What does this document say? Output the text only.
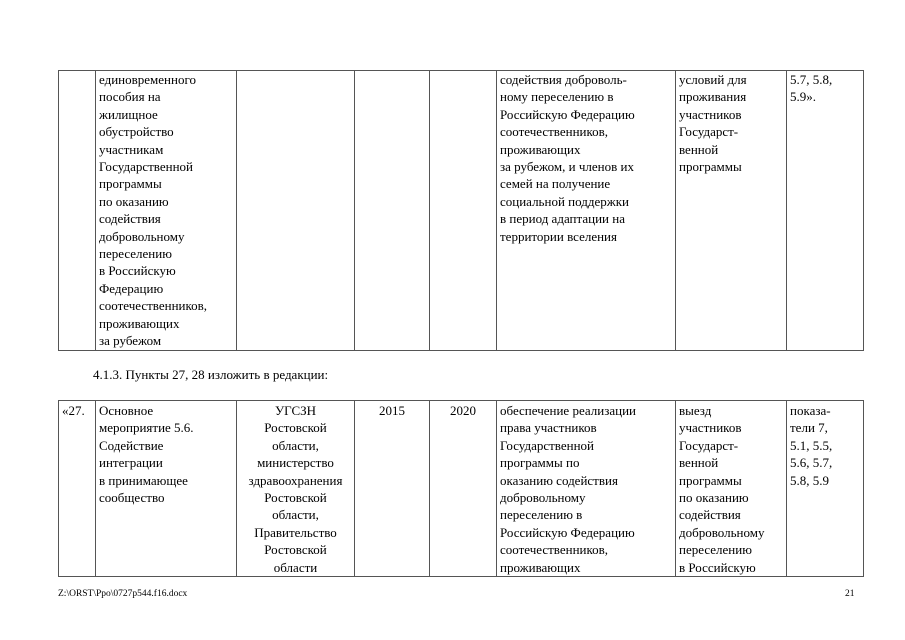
	единовременного
пособия на
жилищное
обустройство
участникам
Государственной
программы
по оказанию
содействия
добровольному
переселению
в Российскую
Федерацию
соотечественников,
проживающих
за рубежом				содействия доброволь-
ному переселению в
Российскую Федерацию
соотечественников,
проживающих
за рубежом, и членов их
семей на получение
социальной поддержки
в период адаптации на
территории вселения	условий для
проживания
участников
Государст-
венной
программы	5.7, 5.8,
5.9».
4.1.3. Пункты 27, 28 изложить в редакции:
«27.	Основное
мероприятие 5.6.
Содействие
интеграции
в принимающее
сообщество	УГСЗН
Ростовской
области,
министерство
здравоохранения
Ростовской
области,
Правительство
Ростовской
области	2015	2020	обеспечение реализации
права участников
Государственной
программы по
оказанию содействия
добровольному
переселению в
Российскую Федерацию
соотечественников,
проживающих	выезд
участников
Государст-
венной
программы
по оказанию
содействия
добровольному
переселению
в Российскую	показа-
тели 7,
5.1, 5.5,
5.6, 5.7,
5.8, 5.9
Z:\ORST\Ppo\0727p544.f16.docx	21
